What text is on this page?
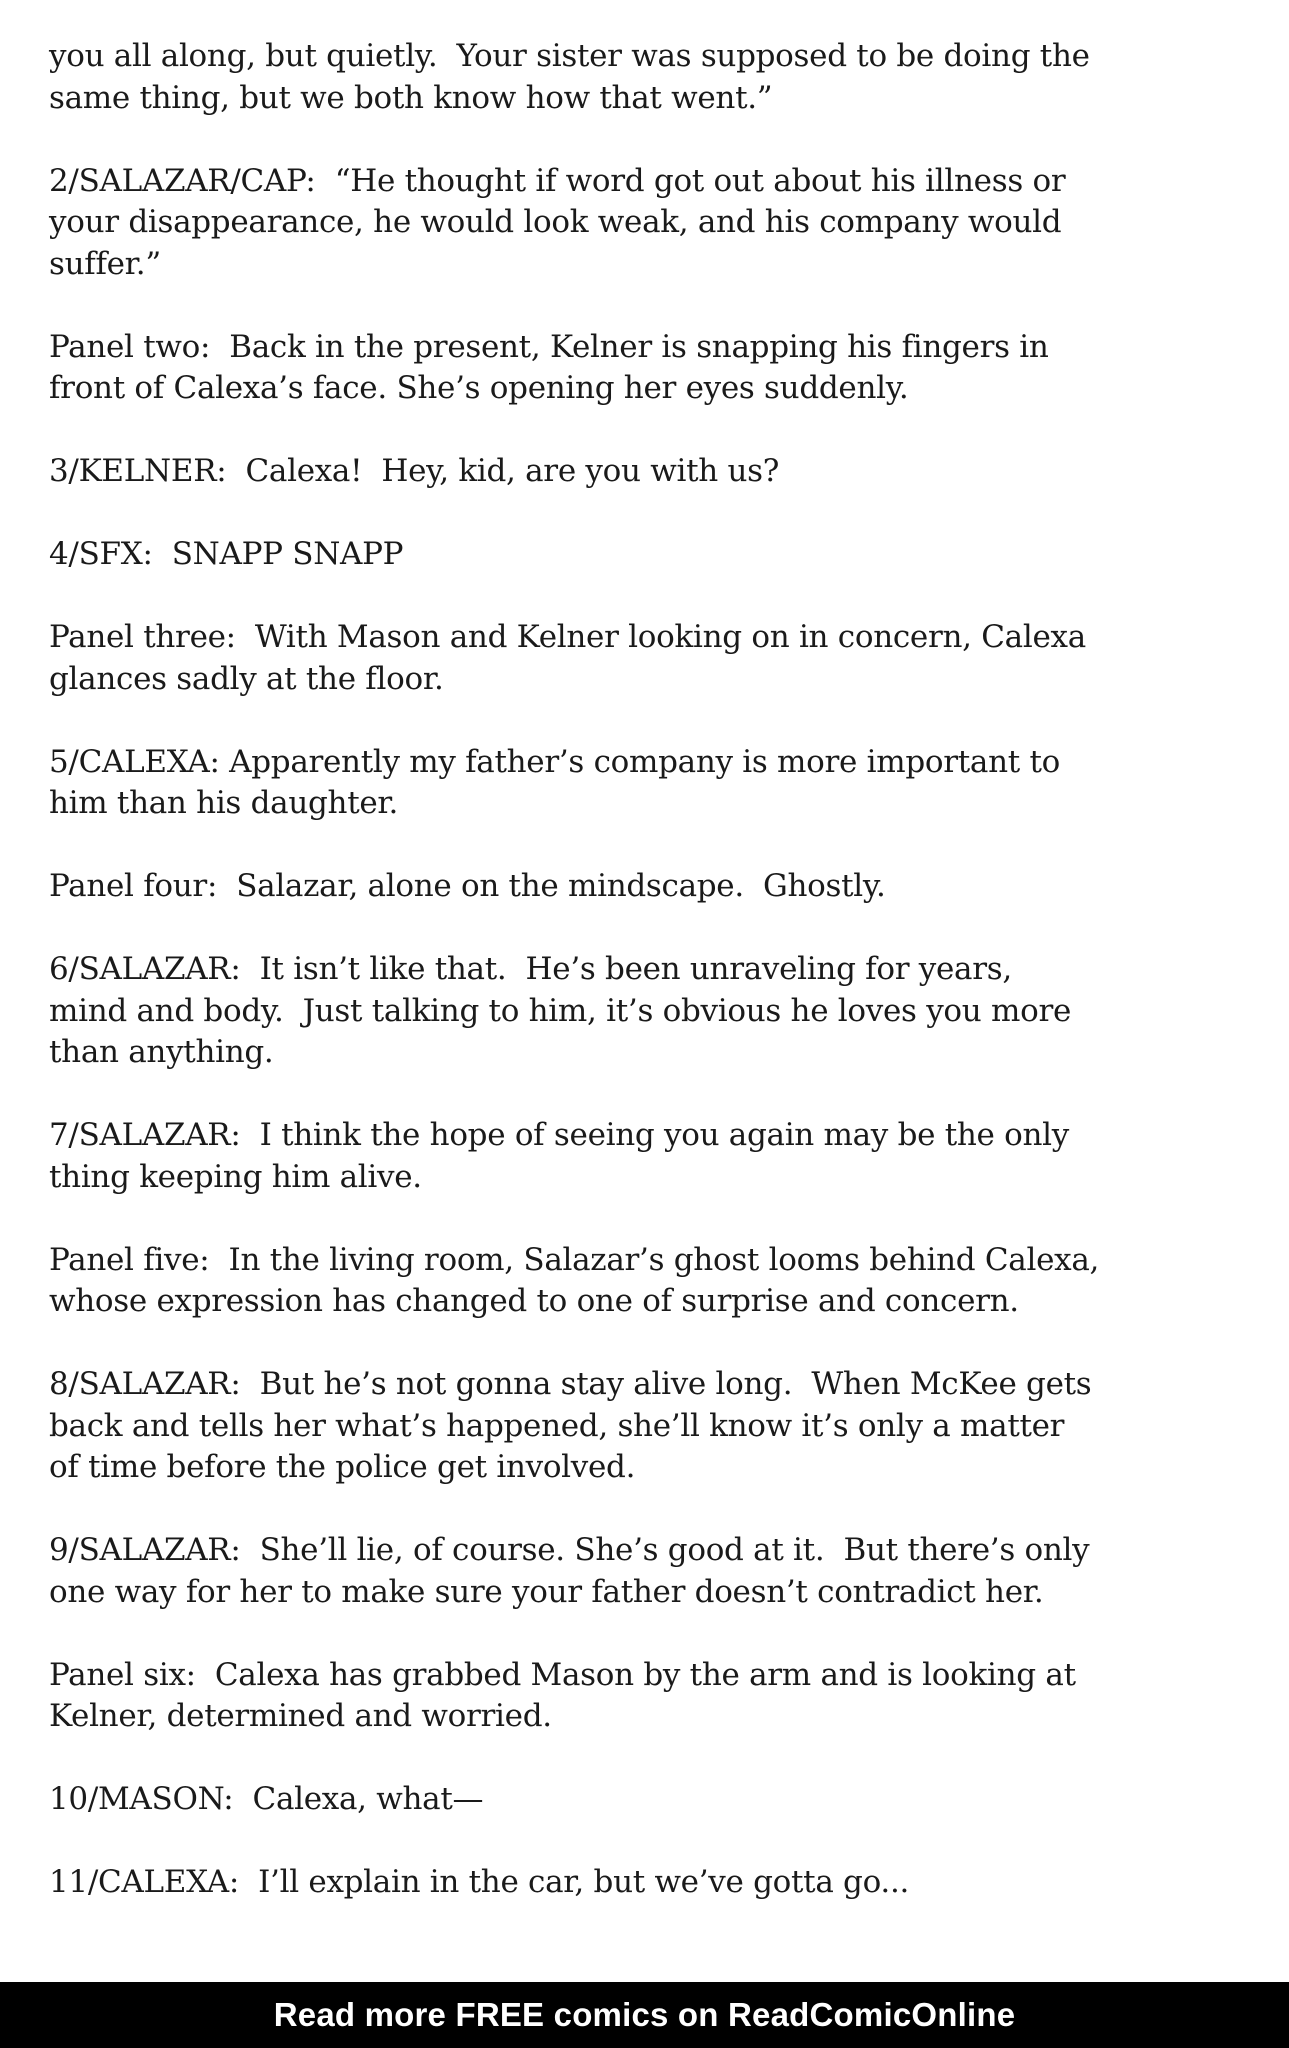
you all along, but quietly.  Your sister was supposed to be doing the
same thing, but we both know how that went.”

2/SALAZAR/CAP:  “He thought if word got out about his illness or
your disappearance, he would look weak, and his company would
suffer.”

Panel two:  Back in the present, Kelner is snapping his fingers in
front of Calexa’s face. She’s opening her eyes suddenly.

3/KELNER:  Calexa!  Hey, kid, are you with us?

4/SFX:  SNAPP SNAPP

Panel three:  With Mason and Kelner looking on in concern, Calexa
glances sadly at the floor.

5/CALEXA: Apparently my father’s company is more important to
him than his daughter.

Panel four:  Salazar, alone on the mindscape.  Ghostly.

6/SALAZAR:  It isn’t like that.  He’s been unraveling for years,
mind and body.  Just talking to him, it’s obvious he loves you more
than anything.

7/SALAZAR:  I think the hope of seeing you again may be the only
thing keeping him alive.

Panel five:  In the living room, Salazar’s ghost looms behind Calexa,
whose expression has changed to one of surprise and concern.

8/SALAZAR:  But he’s not gonna stay alive long.  When McKee gets
back and tells her what’s happened, she’ll know it’s only a matter
of time before the police get involved.

9/SALAZAR:  She’ll lie, of course. She’s good at it.  But there’s only
one way for her to make sure your father doesn’t contradict her.

Panel six:  Calexa has grabbed Mason by the arm and is looking at
Kelner, determined and worried.

10/MASON:  Calexa, what—

11/CALEXA:  I’ll explain in the car, but we’ve gotta go...

Read more FREE comics on ReadComicOnline
